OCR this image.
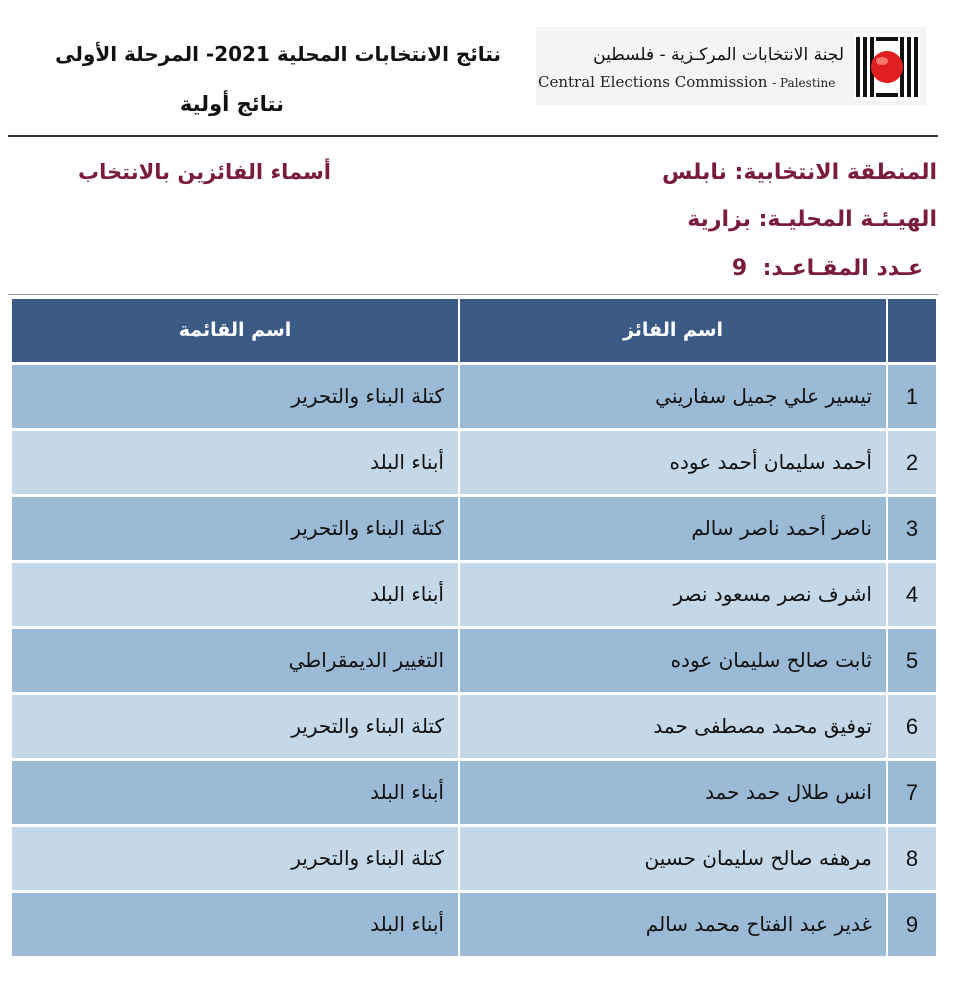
لجنة الانتخابات المركـزية - فلسطين
Central Elections Commission - Palestine
نتائج الانتخابات المحلية 2021- المرحلة الأولى
نتائج أولية
المنطقة الانتخابية: نابلس
الهيـئـة المحليـة: بزارية
عـدد المقـاعـد:  9
أسماء الفائزين بالانتخاب
اسم القائمة	اسم الفائز
كتلة البناء والتحرير	تيسير علي جميل سفاريني	1
أبناء البلد	أحمد سليمان أحمد عوده	2
كتلة البناء والتحرير	ناصر أحمد ناصر سالم	3
أبناء البلد	اشرف نصر مسعود نصر	4
التغيير الديمقراطي	ثابت صالح سليمان عوده	5
كتلة البناء والتحرير	توفيق محمد مصطفى حمد	6
أبناء البلد	انس طلال حمد حمد	7
كتلة البناء والتحرير	مرهفه صالح سليمان حسين	8
أبناء البلد	غدير عبد الفتاح محمد سالم	9
